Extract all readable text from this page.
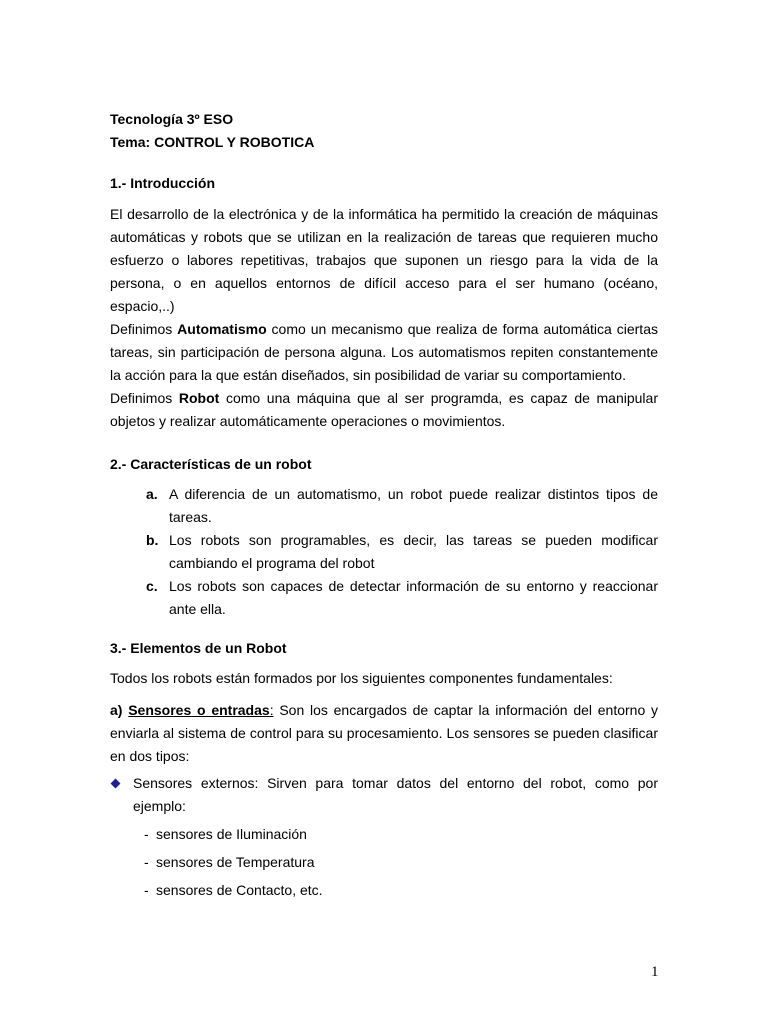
Tecnología 3º ESO
Tema: CONTROL Y ROBOTICA
1.- Introducción

El desarrollo de la electrónica y de la informática ha permitido la creación de máquinas automáticas y robots que se utilizan en la realización de tareas que requieren mucho esfuerzo o labores repetitivas, trabajos que suponen un riesgo para la vida de la persona, o en aquellos entornos de difícil acceso para el ser humano (océano, espacio,..)

Definimos Automatismo como un mecanismo que realiza de forma automática ciertas tareas, sin participación de persona alguna. Los automatismos repiten constantemente la acción para la que están diseñados, sin posibilidad de variar su comportamiento.

Definimos Robot como una máquina que al ser programda, es capaz de manipular objetos y realizar automáticamente operaciones o movimientos.

2.- Características de un robot
a. A diferencia de un automatismo, un robot puede realizar distintos tipos de tareas.
b. Los robots son programables, es decir, las tareas se pueden modificar cambiando el programa del robot
c. Los robots son capaces de detectar información de su entorno y reaccionar ante ella.
3.- Elementos de un Robot

Todos los robots están formados por los siguientes componentes fundamentales:

a) Sensores o entradas: Son los encargados de captar la información del entorno y enviarla al sistema de control para su procesamiento. Los sensores se pueden clasificar en dos tipos:

Sensores externos: Sirven para tomar datos del entorno del robot, como por ejemplo:
- sensores de Iluminación
- sensores de Temperatura
- sensores de Contacto, etc.
1
